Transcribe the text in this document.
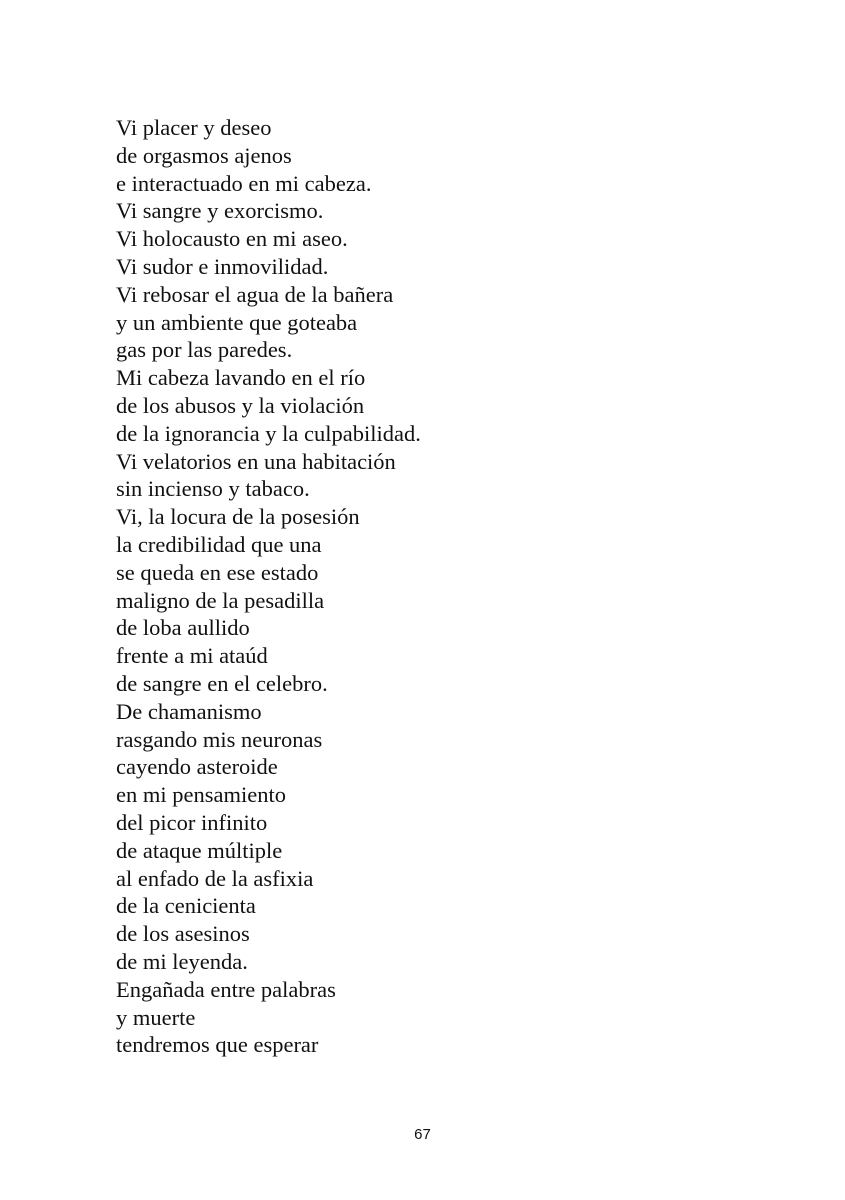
Vi placer y deseo
de orgasmos ajenos
e interactuado en mi cabeza.
Vi sangre y exorcismo.
Vi holocausto en mi aseo.
Vi sudor e inmovilidad.
Vi rebosar el agua de la bañera
y un ambiente que goteaba
gas por las paredes.
Mi cabeza lavando en el río
de los abusos y la violación
de la ignorancia y la culpabilidad.
Vi velatorios en una habitación
sin incienso y tabaco.
Vi, la locura de la posesión
la credibilidad que una
se queda en ese estado
maligno de la pesadilla
de loba aullido
frente a mi ataúd
de sangre en el celebro.
De chamanismo
rasgando mis neuronas
cayendo asteroide
en mi pensamiento
del picor infinito
de ataque múltiple
al enfado de la asfixia
de la cenicienta
de los asesinos
de mi leyenda.
Engañada entre palabras
y muerte
tendremos que esperar
67
